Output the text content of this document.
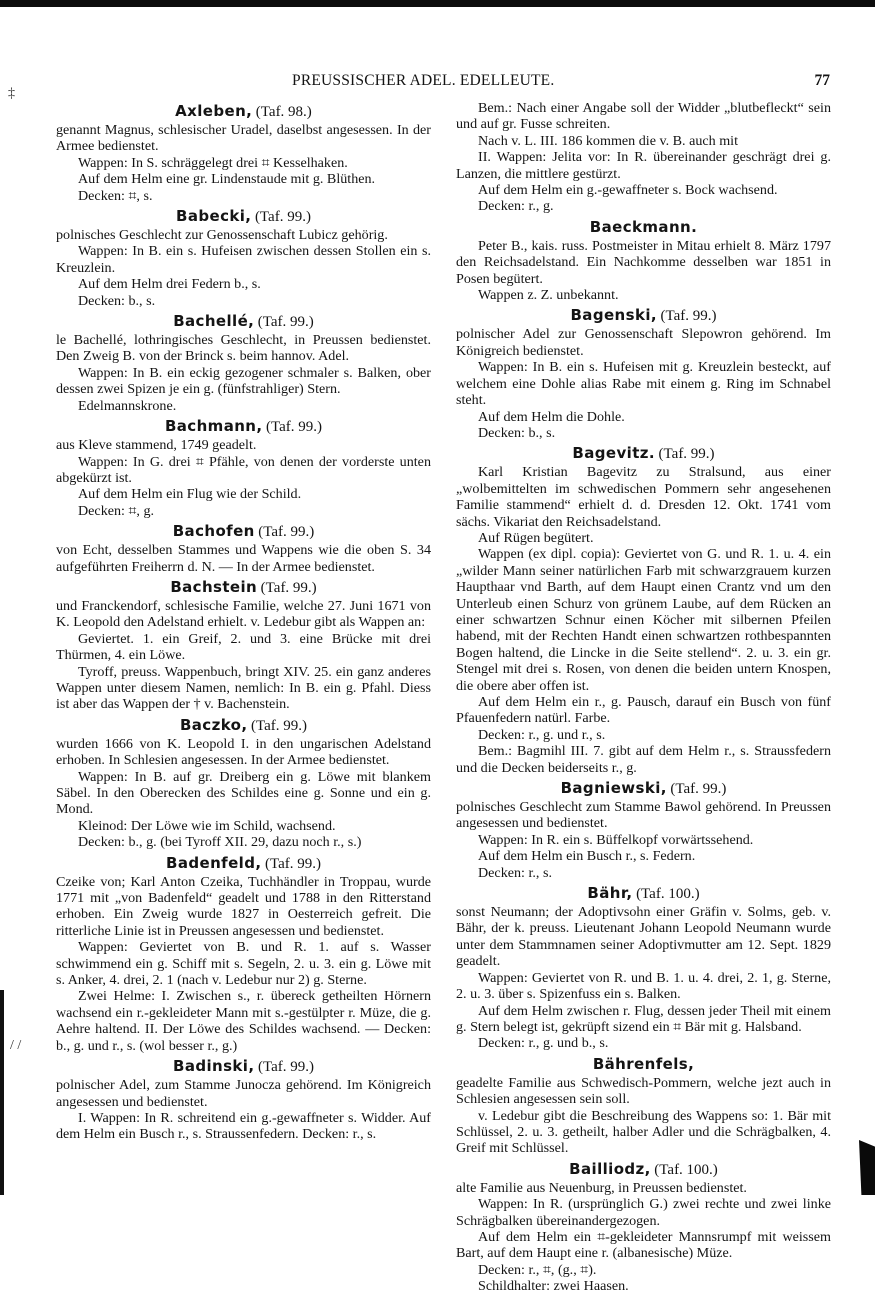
‡
/ /
PREUSSISCHER ADEL. EDELLEUTE.	77
Axleben, (Taf. 98.)
genannt Magnus, schlesischer Uradel, daselbst angesessen. In der Armee bedienstet.
Wappen: In S. schräggelegt drei ⌗ Kesselhaken.
Auf dem Helm eine gr. Lindenstaude mit g. Blüthen.
Decken: ⌗, s.
Babecki, (Taf. 99.)
polnisches Geschlecht zur Genossenschaft Lubicz gehörig.
Wappen: In B. ein s. Hufeisen zwischen dessen Stollen ein s. Kreuzlein.
Auf dem Helm drei Federn b., s.
Decken: b., s.
Bachellé, (Taf. 99.)
le Bachellé, lothringisches Geschlecht, in Preussen bedienstet. Den Zweig B. von der Brinck s. beim hannov. Adel.
Wappen: In B. ein eckig gezogener schmaler s. Balken, ober dessen zwei Spizen je ein g. (fünfstrahliger) Stern.
Edelmannskrone.
Bachmann, (Taf. 99.)
aus Kleve stammend, 1749 geadelt.
Wappen: In G. drei ⌗ Pfähle, von denen der vorderste unten abgekürzt ist.
Auf dem Helm ein Flug wie der Schild.
Decken: ⌗, g.
Bachofen (Taf. 99.)
von Echt, desselben Stammes und Wappens wie die oben S. 34 aufgeführten Freiherrn d. N. — In der Armee bedienstet.
Bachstein (Taf. 99.)
und Franckendorf, schlesische Familie, welche 27. Juni 1671 von K. Leopold den Adelstand erhielt. v. Ledebur gibt als Wappen an:
Geviertet. 1. ein Greif, 2. und 3. eine Brücke mit drei Thürmen, 4. ein Löwe.
Tyroff, preuss. Wappenbuch, bringt XIV. 25. ein ganz anderes Wappen unter diesem Namen, nemlich: In B. ein g. Pfahl. Diess ist aber das Wappen der † v. Bachenstein.
Baczko, (Taf. 99.)
wurden 1666 von K. Leopold I. in den ungarischen Adelstand erhoben. In Schlesien angesessen. In der Armee bedienstet.
Wappen: In B. auf gr. Dreiberg ein g. Löwe mit blankem Säbel. In den Oberecken des Schildes eine g. Sonne und ein g. Mond.
Kleinod: Der Löwe wie im Schild, wachsend.
Decken: b., g. (bei Tyroff XII. 29, dazu noch r., s.)
Badenfeld, (Taf. 99.)
Czeike von; Karl Anton Czeika, Tuchhändler in Troppau, wurde 1771 mit „von Badenfeld“ geadelt und 1788 in den Ritterstand erhoben. Ein Zweig wurde 1827 in Oesterreich gefreit. Die ritterliche Linie ist in Preussen angesessen und bedienstet.
Wappen: Geviertet von B. und R. 1. auf s. Wasser schwimmend ein g. Schiff mit s. Segeln, 2. u. 3. ein g. Löwe mit s. Anker, 4. drei, 2. 1 (nach v. Ledebur nur 2) g. Sterne.
Zwei Helme: I. Zwischen s., r. übereck getheilten Hörnern wachsend ein r.-gekleideter Mann mit s.-gestülpter r. Müze, die g. Aehre haltend. II. Der Löwe des Schildes wachsend. — Decken: b., g. und r., s. (wol besser r., g.)
Badinski, (Taf. 99.)
polnischer Adel, zum Stamme Junocza gehörend. Im Königreich angesessen und bedienstet.
I. Wappen: In R. schreitend ein g.-gewaffneter s. Widder. Auf dem Helm ein Busch r., s. Straussenfedern. Decken: r., s.
Bem.: Nach einer Angabe soll der Widder „blutbefleckt“ sein und auf gr. Fusse schreiten.
Nach v. L. III. 186 kommen die v. B. auch mit
II. Wappen: Jelita vor: In R. übereinander geschrägt drei g. Lanzen, die mittlere gestürzt.
Auf dem Helm ein g.-gewaffneter s. Bock wachsend.
Decken: r., g.
Baeckmann.
Peter B., kais. russ. Postmeister in Mitau erhielt 8. März 1797 den Reichsadelstand. Ein Nachkomme desselben war 1851 in Posen begütert.
Wappen z. Z. unbekannt.
Bagenski, (Taf. 99.)
polnischer Adel zur Genossenschaft Slepowron gehörend. Im Königreich bedienstet.
Wappen: In B. ein s. Hufeisen mit g. Kreuzlein besteckt, auf welchem eine Dohle alias Rabe mit einem g. Ring im Schnabel steht.
Auf dem Helm die Dohle.
Decken: b., s.
Bagevitz. (Taf. 99.)
Karl Kristian Bagevitz zu Stralsund, aus einer „wolbemittelten im schwedischen Pommern sehr angesehenen Familie stammend“ erhielt d. d. Dresden 12. Okt. 1741 vom sächs. Vikariat den Reichsadelstand.
Auf Rügen begütert.
Wappen (ex dipl. copia): Geviertet von G. und R. 1. u. 4. ein „wilder Mann seiner natürlichen Farb mit schwarzgrauem kurzen Haupthaar vnd Barth, auf dem Haupt einen Crantz vnd um den Unterleub einen Schurz von grünem Laube, auf dem Rücken an einer schwartzen Schnur einen Köcher mit silbernen Pfeilen habend, mit der Rechten Handt einen schwartzen rothbespannten Bogen haltend, die Lincke in die Seite stellend“. 2. u. 3. ein gr. Stengel mit drei s. Rosen, von denen die beiden untern Knospen, die obere aber offen ist.
Auf dem Helm ein r., g. Pausch, darauf ein Busch von fünf Pfauenfedern natürl. Farbe.
Decken: r., g. und r., s.
Bem.: Bagmihl III. 7. gibt auf dem Helm r., s. Straussfedern und die Decken beiderseits r., g.
Bagniewski, (Taf. 99.)
polnisches Geschlecht zum Stamme Bawol gehörend. In Preussen angesessen und bedienstet.
Wappen: In R. ein s. Büffelkopf vorwärtssehend.
Auf dem Helm ein Busch r., s. Federn.
Decken: r., s.
Bähr, (Taf. 100.)
sonst Neumann; der Adoptivsohn einer Gräfin v. Solms, geb. v. Bähr, der k. preuss. Lieutenant Johann Leopold Neumann wurde unter dem Stammnamen seiner Adoptivmutter am 12. Sept. 1829 geadelt.
Wappen: Geviertet von R. und B. 1. u. 4. drei, 2. 1, g. Sterne, 2. u. 3. über s. Spizenfuss ein s. Balken.
Auf dem Helm zwischen r. Flug, dessen jeder Theil mit einem g. Stern belegt ist, gekrüpft sizend ein ⌗ Bär mit g. Halsband.
Decken: r., g. und b., s.
Bährenfels,
geadelte Familie aus Schwedisch-Pommern, welche jezt auch in Schlesien angesessen sein soll.
v. Ledebur gibt die Beschreibung des Wappens so: 1. Bär mit Schlüssel, 2. u. 3. getheilt, halber Adler und die Schrägbalken, 4. Greif mit Schlüssel.
Bailliodz, (Taf. 100.)
alte Familie aus Neuenburg, in Preussen bedienstet.
Wappen: In R. (ursprünglich G.) zwei rechte und zwei linke Schrägbalken übereinandergezogen.
Auf dem Helm ein ⌗-gekleideter Mannsrumpf mit weissem Bart, auf dem Haupt eine r. (albanesische) Müze.
Decken: r., ⌗, (g., ⌗).
Schildhalter: zwei Haasen.
